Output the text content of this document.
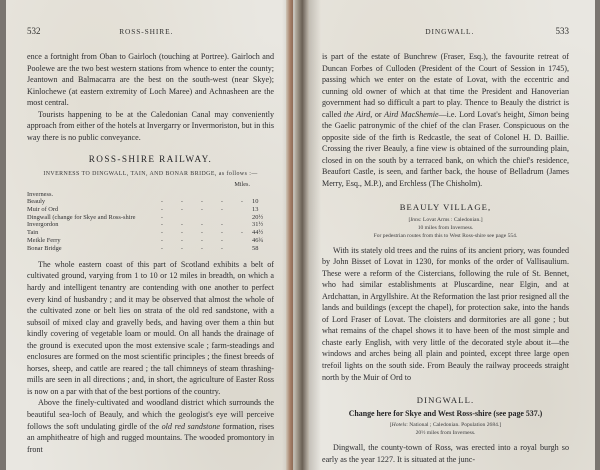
532	ROSS-SHIRE.

ence a fortnight from Oban to Gairloch (touching at Portree). Gairloch and Poolewe are the two best western stations from whence to enter the county; Jeantown and Balmacarra are the best on the south-west (near Skye); Kinlochewe (at eastern extremity of Loch Maree) and Achnasheen are the most central.

Tourists happening to be at the Caledonian Canal may conveniently approach from either of the hotels at Invergarry or Invermoriston, but in this way there is no public conveyance.

ROSS-SHIRE RAILWAY.
INVERNESS TO DINGWALL, TAIN, AND BONAR BRIDGE, as follows :—
Miles.
Inverness.						
Beauly	-	-	-	-	-	10
Muir of Ord	-	-	-	-		13
Dingwall (change for Skye and Ross-shire	-					20½
Invergordon	-	-	-	-		31½
Tain	-	-	-	-	-	44½
Meikle Ferry	-	-	-	-		46¾
Bonar Bridge	-	-	-	-		58

The whole eastern coast of this part of Scotland exhibits a belt of cultivated ground, varying from 1 to 10 or 12 miles in breadth, on which a hardy and intelligent tenantry are contending with one another to perfect every kind of husbandry ; and it may be observed that almost the whole of the cultivated zone or belt lies on strata of the old red sandstone, with a subsoil of mixed clay and gravelly beds, and having over them a thin but kindly covering of vegetable loam or mould. On all hands the drainage of the ground is executed upon the most extensive scale ; farm-steadings and enclosures are formed on the most scientific principles ; the finest breeds of horses, sheep, and cattle are reared ; the tall chimneys of steam thrashing-mills are seen in all directions ; and, in short, the agriculture of Easter Ross is now on a par with that of the best portions of the country.

Above the finely-cultivated and woodland district which surrounds the beautiful sea-loch of Beauly, and which the geologist's eye will perceive follows the soft undulating girdle of the old red sandstone formation, rises an amphitheatre of high and rugged mountains. The wooded promontory in front

DINGWALL.	533

is part of the estate of Bunchrew (Fraser, Esq.), the favourite retreat of Duncan Forbes of Culloden (President of the Court of Session in 1745), passing which we enter on the estate of Lovat, with the eccentric and cunning old owner of which at that time the President and Hanoverian government had so difficult a part to play. Thence to Beauly the district is called the Aird, or Aird MacShemie—i.e. Lord Lovat's height, Simon being the Gaelic patronymic of the chief of the clan Fraser. Conspicuous on the opposite side of the firth is Redcastle, the seat of Colonel H. D. Baillie. Crossing the river Beauly, a fine view is obtained of the surrounding plain, closed in on the south by a terraced bank, on which the chief's residence, Beaufort Castle, is seen, and farther back, the house of Belladrum (James Merry, Esq., M.P.), and Erchless (The Chisholm).

BEAULY VILLAGE,

[Inns: Lovat Arms : Caledonian.]

10 miles from Inverness.

For pedestrian routes from this to West Ross-shire see page 554.

With its stately old trees and the ruins of its ancient priory, was founded by John Bisset of Lovat in 1230, for monks of the order of Vallisaulium. These were a reform of the Cistercians, following the rule of St. Bennet, who had similar establishments at Pluscardine, near Elgin, and at Ardchattan, in Argyllshire. At the Reformation the last prior resigned all the lands and buildings (except the chapel), for protection sake, into the hands of Lord Fraser of Lovat. The cloisters and dormitories are all gone ; but what remains of the chapel shows it to have been of the most simple and chaste early English, with very little of the decorated style about it—the windows and arches being all plain and pointed, except three large open trefoil lights on the south side. From Beauly the railway proceeds straight north by the Muir of Ord to

DINGWALL.
Change here for Skye and West Ross-shire (see page 537.)

[Hotels: National ; Caledonian. Population 2684.]

20½ miles from Inverness.

Dingwall, the county-town of Ross, was erected into a royal burgh so early as the year 1227. It is situated at the junc-
